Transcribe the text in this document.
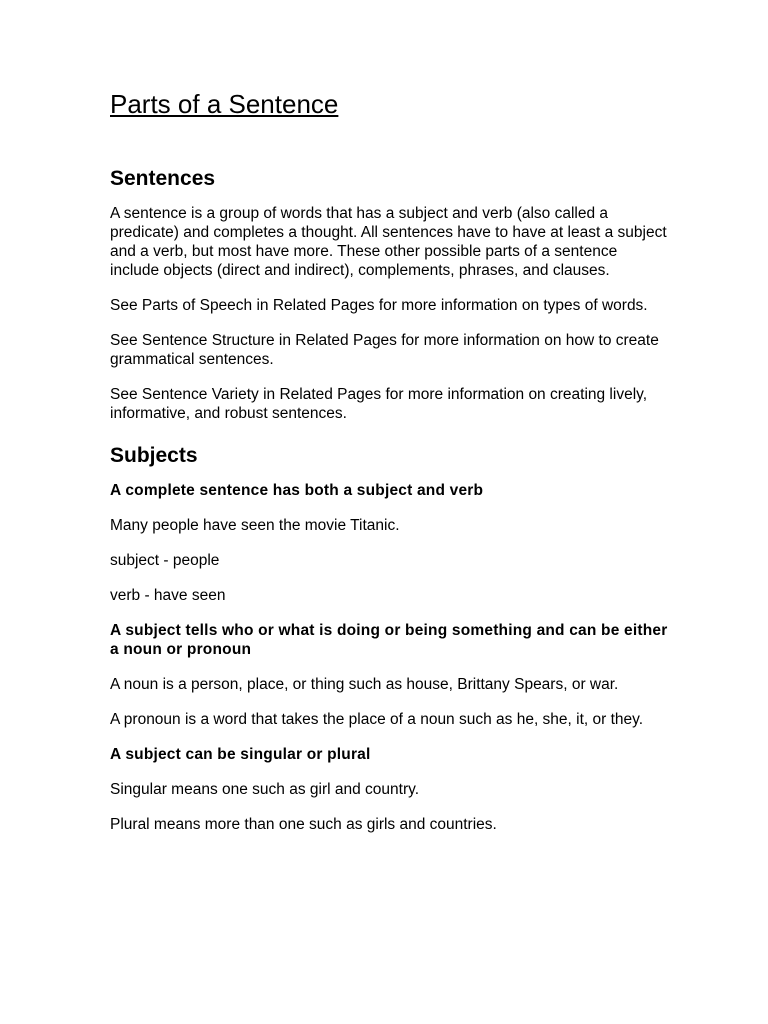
Parts of a Sentence
Sentences

A sentence is a group of words that has a subject and verb (also called a predicate) and completes a thought. All sentences have to have at least a subject and a verb, but most have more. These other possible parts of a sentence include objects (direct and indirect), complements, phrases, and clauses.

See Parts of Speech in Related Pages for more information on types of words.

See Sentence Structure in Related Pages for more information on how to create grammatical sentences.

See Sentence Variety in Related Pages for more information on creating lively, informative, and robust sentences.

Subjects

A complete sentence has both a subject and verb

Many people have seen the movie Titanic.

subject - people

verb - have seen

A subject tells who or what is doing or being something and can be either a noun or pronoun

A noun is a person, place, or thing such as house, Brittany Spears, or war.

A pronoun is a word that takes the place of a noun such as he, she, it, or they.

A subject can be singular or plural

Singular means one such as girl and country.

Plural means more than one such as girls and countries.
